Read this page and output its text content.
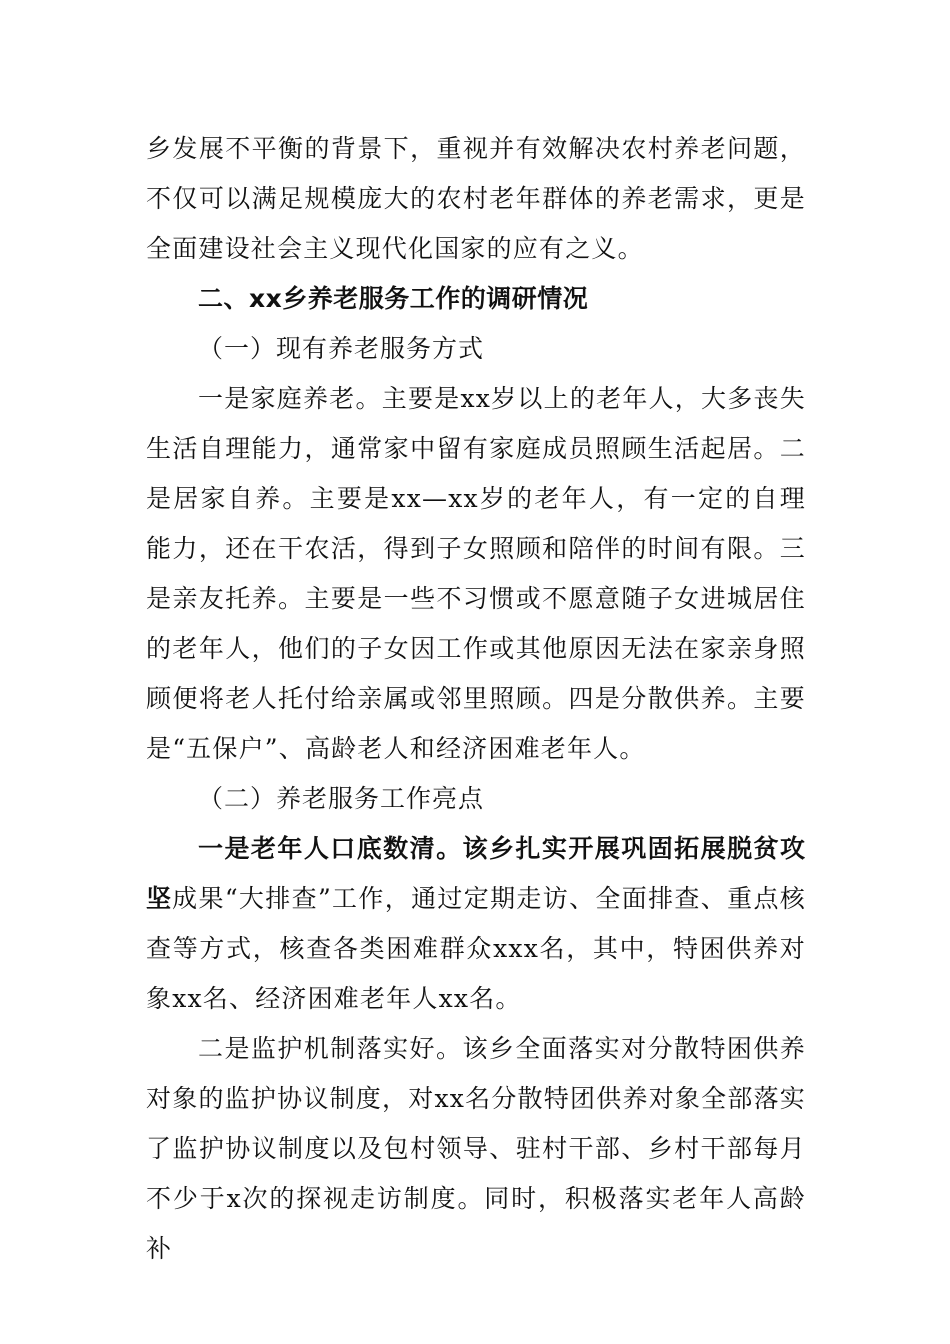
乡发展不平衡的背景下，重视并有效解决农村养老问题，不仅可以满足规模庞大的农村老年群体的养老需求，更是全面建设社会主义现代化国家的应有之义。

二、xx乡养老服务工作的调研情况

（一）现有养老服务方式

一是家庭养老。主要是xx岁以上的老年人，大多丧失生活自理能力，通常家中留有家庭成员照顾生活起居。二是居家自养。主要是xx—xx岁的老年人，有一定的自理能力，还在干农活，得到子女照顾和陪伴的时间有限。三是亲友托养。主要是一些不习惯或不愿意随子女进城居住的老年人，他们的子女因工作或其他原因无法在家亲身照顾便将老人托付给亲属或邻里照顾。四是分散供养。主要是“五保户”、高龄老人和经济困难老年人。

（二）养老服务工作亮点

一是老年人口底数清。该乡扎实开展巩固拓展脱贫攻坚成果“大排查”工作，通过定期走访、全面排查、重点核查等方式，核查各类困难群众xxx名，其中，特困供养对象xx名、经济困难老年人xx名。

二是监护机制落实好。该乡全面落实对分散特困供养对象的监护协议制度，对xx名分散特团供养对象全部落实了监护协议制度以及包村领导、驻村干部、乡村干部每月不少于x次的探视走访制度。同时，积极落实老年人高龄补
